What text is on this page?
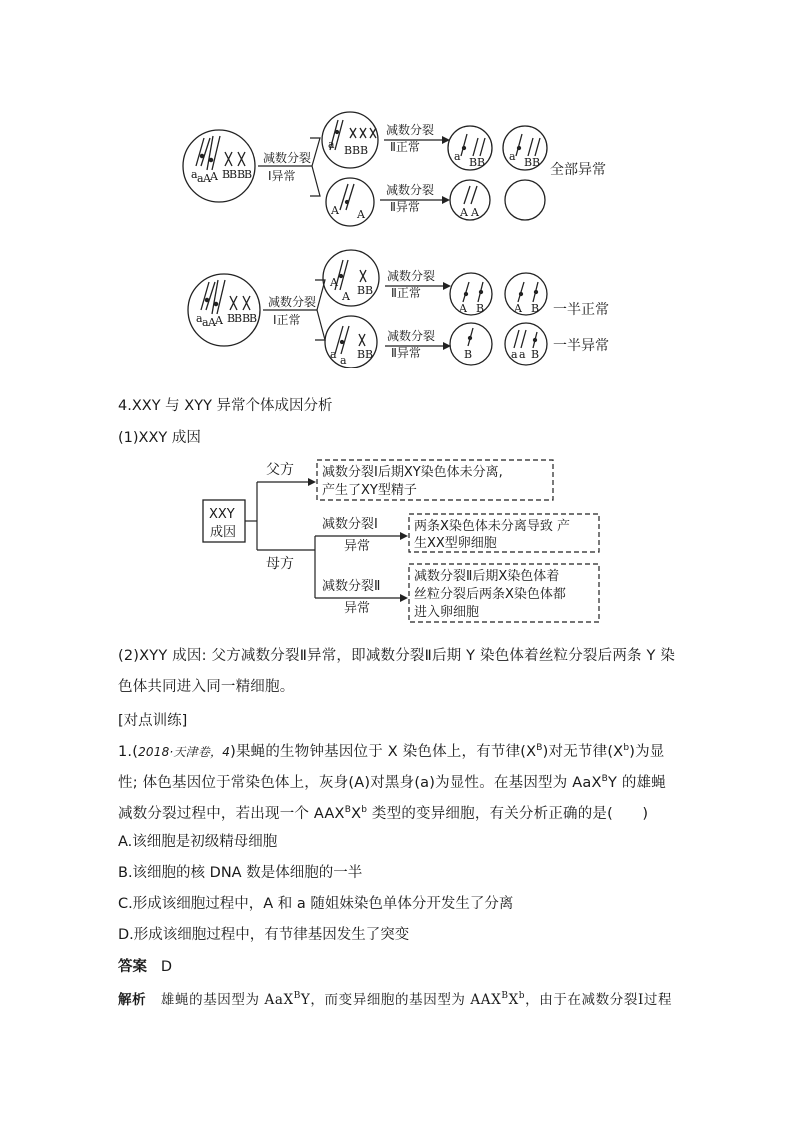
a a A A B
B B
B
减数分裂
Ⅰ异常
a B B B
A A
减数分裂
Ⅱ正常
减数分裂
Ⅱ异常
a B B a B B 全部异常
A A
a a A A B
B B
B
减数分裂
Ⅰ正常
A
A B B
a a B B
减数分裂
Ⅱ正常
减数分裂
Ⅱ异常
A B	A B 一半正常
B	a a B
一半异常
4.XXY 与 XYY 异常个体成因分析
(1)XXY 成因
XXY
成因
父方
母方
减数分裂Ⅰ后期XY染色体未分离,
产生了XY型精子
减数分裂Ⅰ
异常
两条X染色体未分离导致 产
生XX型卵细胞
减数分裂Ⅱ
异常
减数分裂Ⅱ后期X染色体着
丝粒分裂后两条X染色体都
进入卵细胞
(2)XYY 成因: 父方减数分裂Ⅱ异常，即减数分裂Ⅱ后期 Y 染色体着丝粒分裂后两条 Y 染色体共同进入同一精细胞。
[对点训练]
1.(2018·天津卷，4)果蝇的生物钟基因位于 X 染色体上，有节律$(X^B)$对无节律$(X^b)$为显性; 体色基因位于常染色体上，灰身(A)对黑身(a)为显性。在基因型为 AaX$^B$Y 的雄蝇减数分裂过程中，若出现一个 $AAX^BX^b$ 类型的变异细胞，有关分析正确的是(　　)
A.该细胞是初级精母细胞
B.该细胞的核 DNA 数是体细胞的一半
C.形成该细胞过程中，A 和 a 随姐妹染色单体分开发生了分离
D.形成该细胞过程中，有节律基因发生了突变
答案 D
解析 雄蝇的基因型为 AaX$^B$Y，而变异细胞的基因型为 $AAX^BX^b$，由于在减数分裂Ⅰ过程
